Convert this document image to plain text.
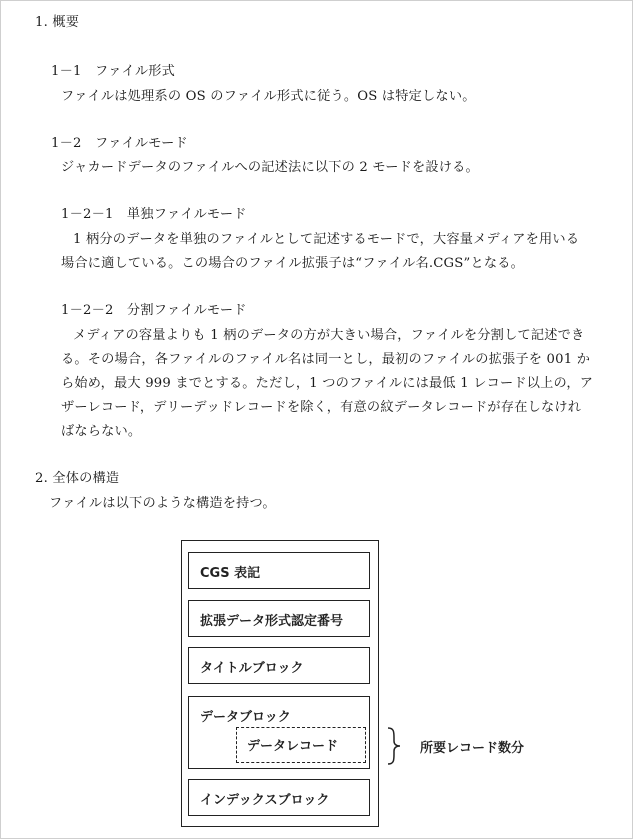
1. 概要
1－1　ファイル形式
ファイルは処理系の OS のファイル形式に従う。OS は特定しない。
1－2　ファイルモード
ジャカードデータのファイルへの記述法に以下の 2 モードを設ける。
1－2－1　単独ファイルモード
1 柄分のデータを単独のファイルとして記述するモードで，大容量メディアを用いる
場合に適している。この場合のファイル拡張子は“ファイル名.CGS”となる。
1－2－2　分割ファイルモード
メディアの容量よりも 1 柄のデータの方が大きい場合，ファイルを分割して記述でき
る。その場合，各ファイルのファイル名は同一とし，最初のファイルの拡張子を 001 か
ら始め，最大 999 までとする。ただし，1 つのファイルには最低 1 レコード以上の，ア
ザーレコード，デリーデッドレコードを除く，有意の紋データレコードが存在しなけれ
ばならない。
2. 全体の構造
ファイルは以下のような構造を持つ。
CGS 表記
拡張データ形式認定番号
タイトルブロック
データブロック
データレコード
インデックスブロック
所要レコード数分
